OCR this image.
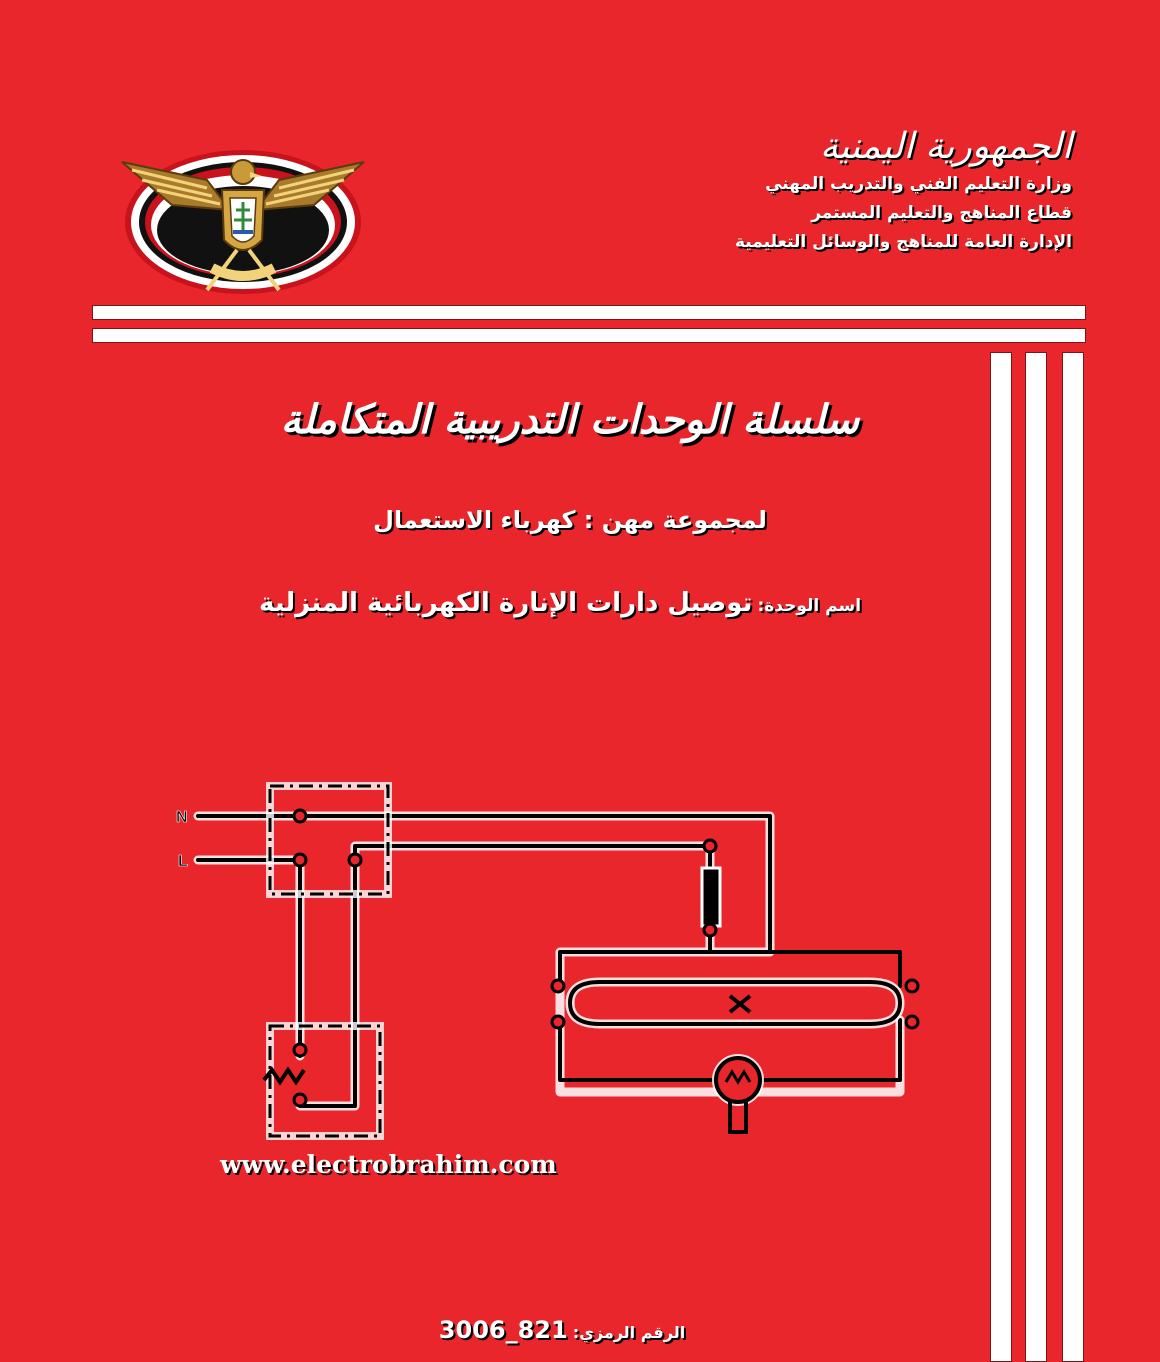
الجمهورية اليمنية
وزارة التعليم الفني والتدريب المهني
قطاع المناهج والتعليم المستمر
الإدارة العامة للمناهج والوسائل التعليمية
سلسلة الوحدات التدريبية المتكاملة
لمجموعة مهن : كهرباء الاستعمال
اسم الوحدة: توصيل دارات الإنارة الكهربائية المنزلية
N
L
www.electrobrahim.com
الرقم الرمزي: 821_3006
